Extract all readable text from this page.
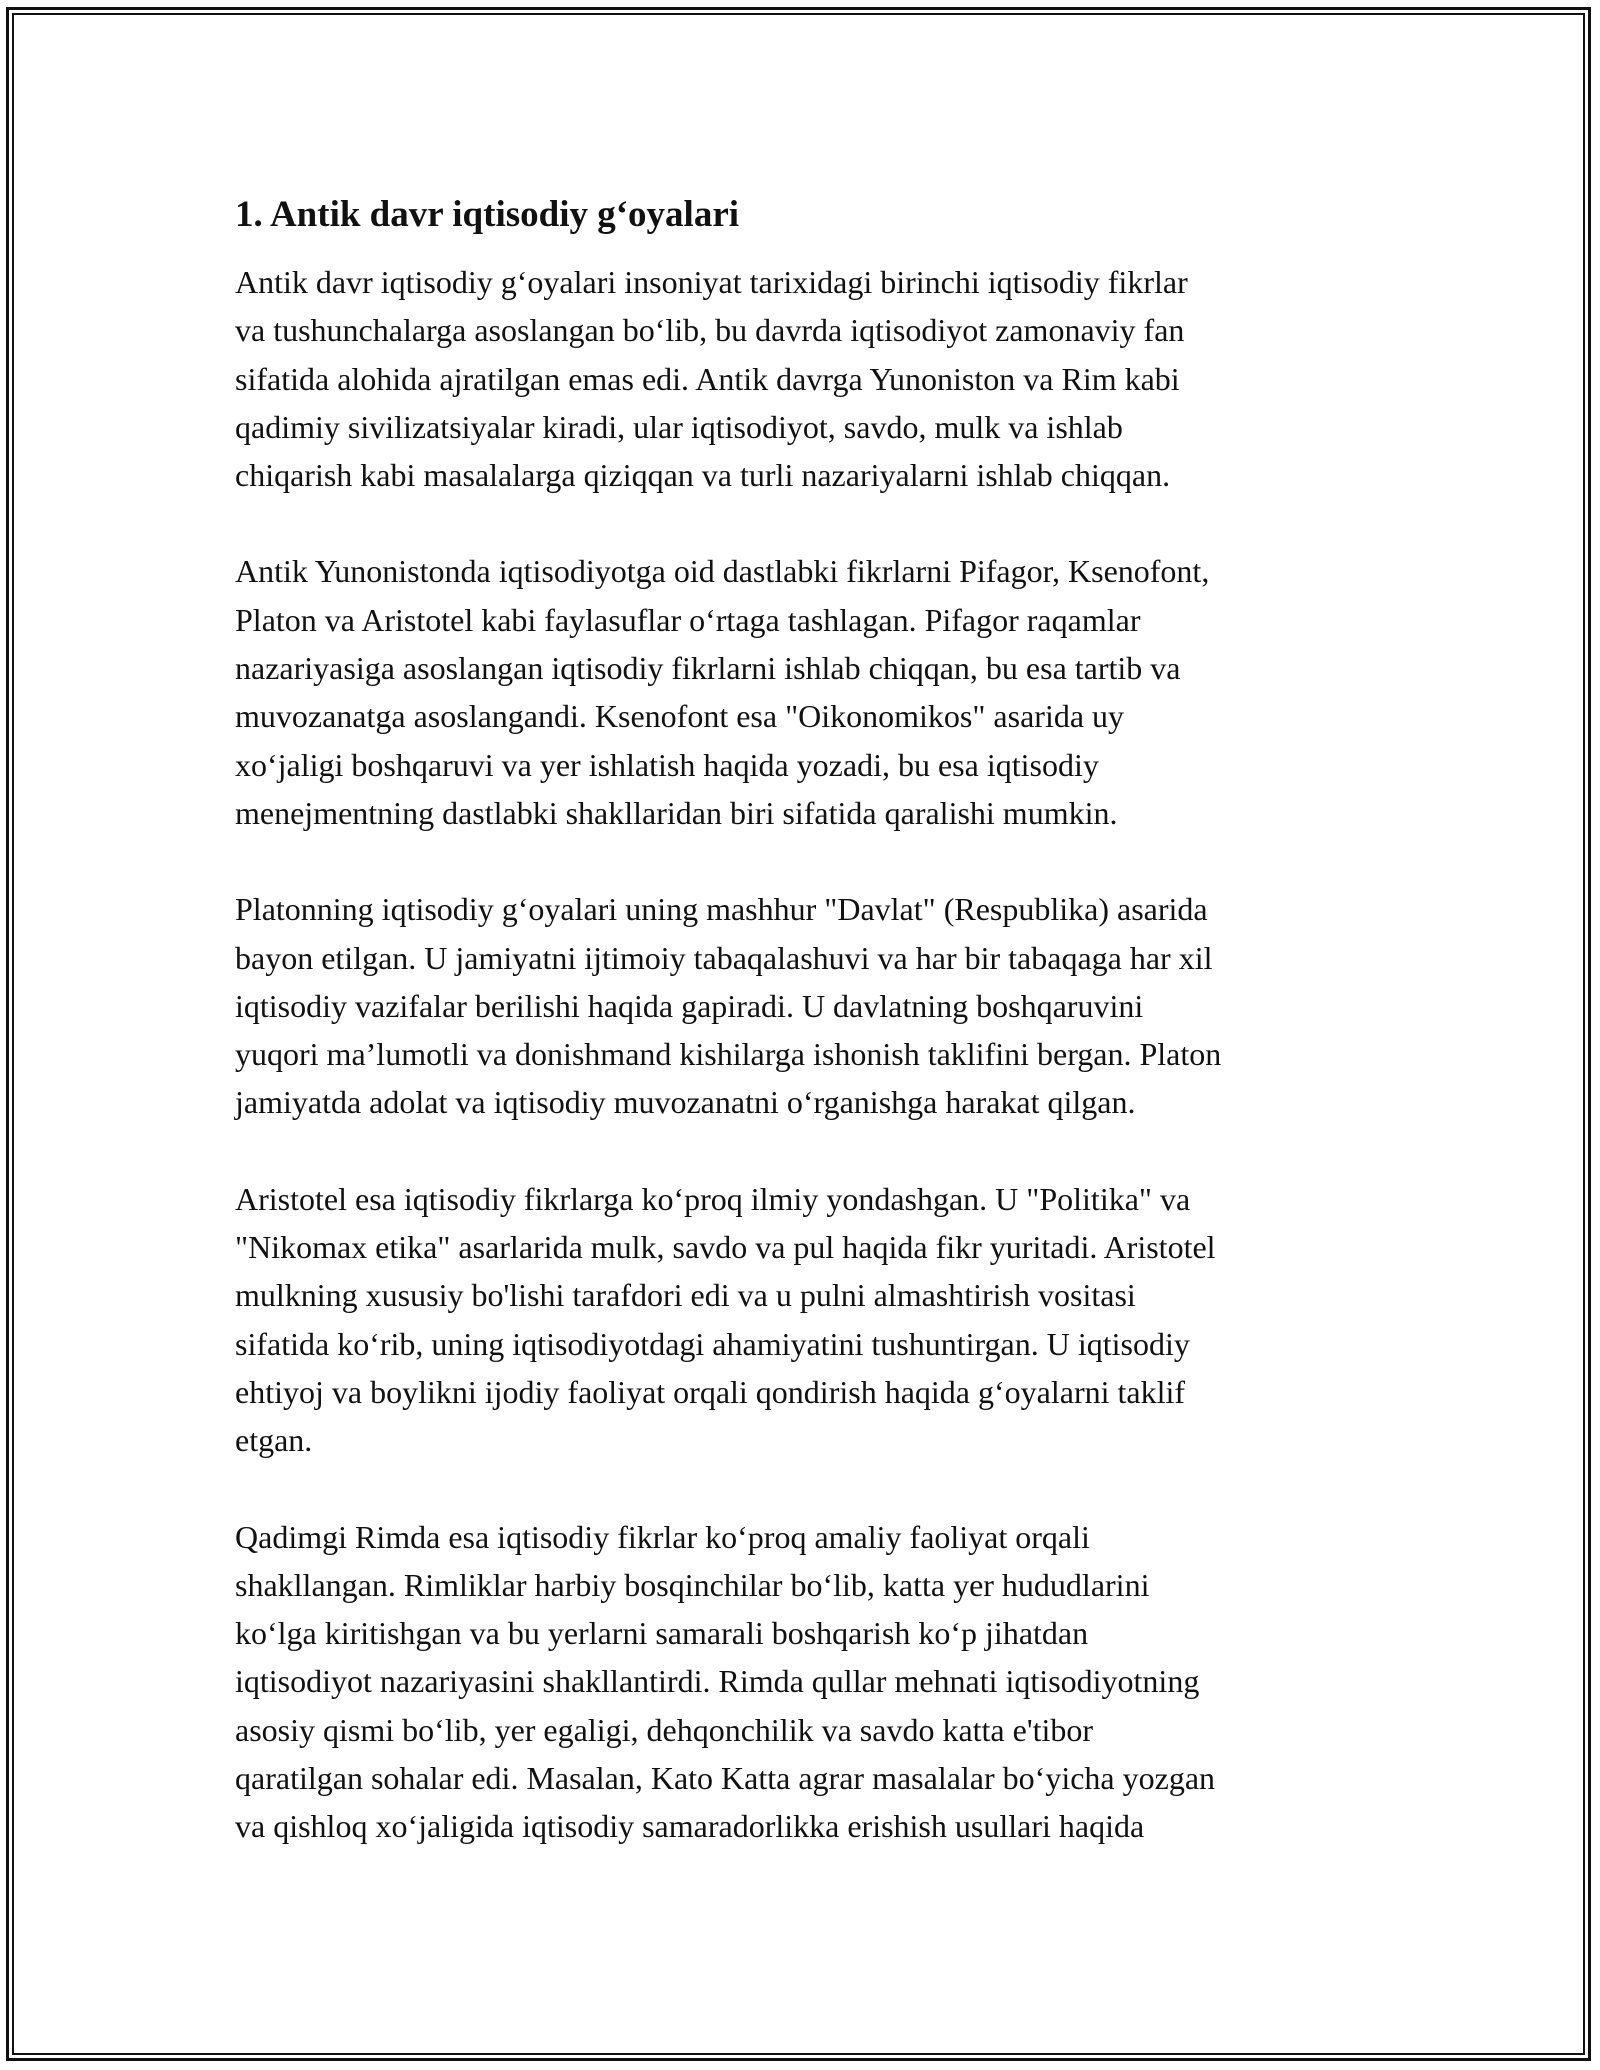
1. Antik davr iqtisodiy g‘oyalari

Antik davr iqtisodiy g‘oyalari insoniyat tarixidagi birinchi iqtisodiy fikrlar
va tushunchalarga asoslangan bo‘lib, bu davrda iqtisodiyot zamonaviy fan
sifatida alohida ajratilgan emas edi. Antik davrga Yunoniston va Rim kabi
qadimiy sivilizatsiyalar kiradi, ular iqtisodiyot, savdo, mulk va ishlab
chiqarish kabi masalalarga qiziqqan va turli nazariyalarni ishlab chiqqan.

Antik Yunonistonda iqtisodiyotga oid dastlabki fikrlarni Pifagor, Ksenofont,
Platon va Aristotel kabi faylasuflar o‘rtaga tashlagan. Pifagor raqamlar
nazariyasiga asoslangan iqtisodiy fikrlarni ishlab chiqqan, bu esa tartib va
muvozanatga asoslangandi. Ksenofont esa "Oikonomikos" asarida uy
xo‘jaligi boshqaruvi va yer ishlatish haqida yozadi, bu esa iqtisodiy
menejmentning dastlabki shakllaridan biri sifatida qaralishi mumkin.

Platonning iqtisodiy g‘oyalari uning mashhur "Davlat" (Respublika) asarida
bayon etilgan. U jamiyatni ijtimoiy tabaqalashuvi va har bir tabaqaga har xil
iqtisodiy vazifalar berilishi haqida gapiradi. U davlatning boshqaruvini
yuqori ma’lumotli va donishmand kishilarga ishonish taklifini bergan. Platon
jamiyatda adolat va iqtisodiy muvozanatni o‘rganishga harakat qilgan.

Aristotel esa iqtisodiy fikrlarga ko‘proq ilmiy yondashgan. U "Politika" va
"Nikomax etika" asarlarida mulk, savdo va pul haqida fikr yuritadi. Aristotel
mulkning xususiy bo'lishi tarafdori edi va u pulni almashtirish vositasi
sifatida ko‘rib, uning iqtisodiyotdagi ahamiyatini tushuntirgan. U iqtisodiy
ehtiyoj va boylikni ijodiy faoliyat orqali qondirish haqida g‘oyalarni taklif
etgan.

Qadimgi Rimda esa iqtisodiy fikrlar ko‘proq amaliy faoliyat orqali
shakllangan. Rimliklar harbiy bosqinchilar bo‘lib, katta yer hududlarini
ko‘lga kiritishgan va bu yerlarni samarali boshqarish ko‘p jihatdan
iqtisodiyot nazariyasini shakllantirdi. Rimda qullar mehnati iqtisodiyotning
asosiy qismi bo‘lib, yer egaligi, dehqonchilik va savdo katta e'tibor
qaratilgan sohalar edi. Masalan, Kato Katta agrar masalalar bo‘yicha yozgan
va qishloq xo‘jaligida iqtisodiy samaradorlikka erishish usullari haqida
